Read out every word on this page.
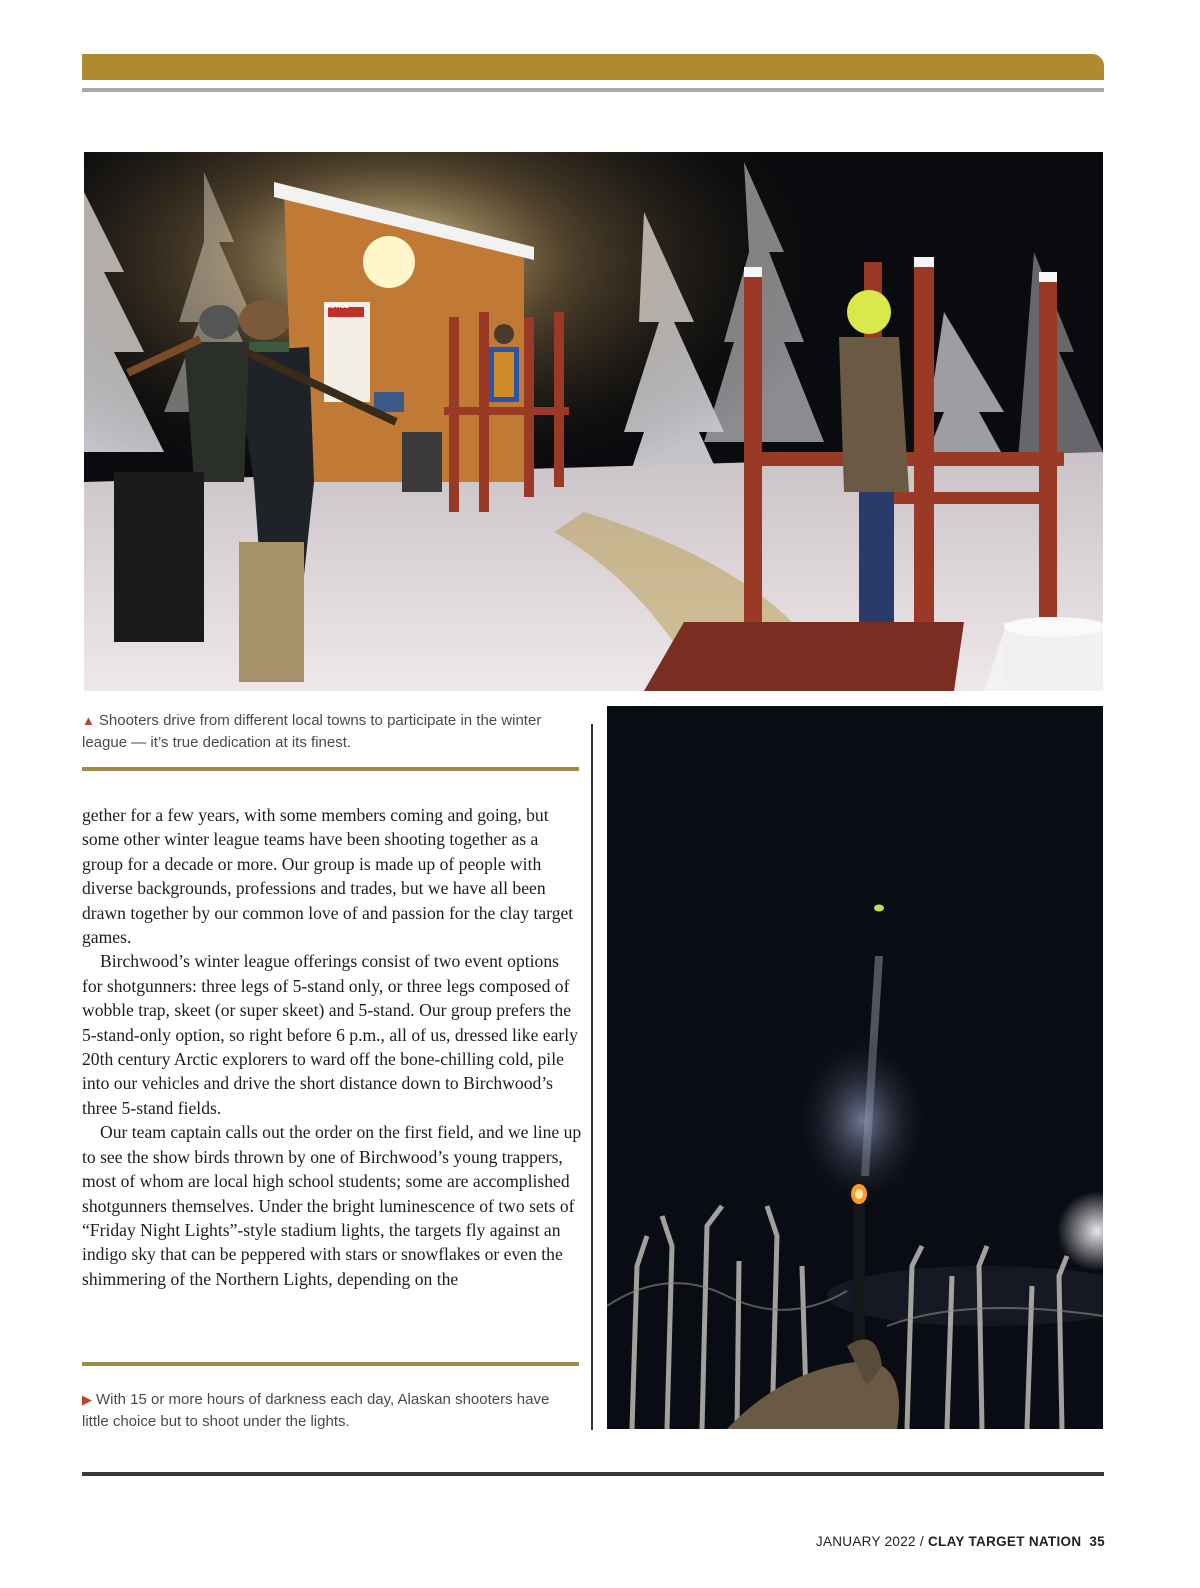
NOTICE
▲ Shooters drive from different local towns to participate in the winter league — it’s true dedication at its finest.

gether for a few years, with some members coming and going, but some other winter league teams have been shooting together as a group for a decade or more. Our group is made up of people with diverse backgrounds, professions and trades, but we have all been drawn together by our common love of and passion for the clay target games.

Birchwood’s winter league offerings consist of two event options for shotgunners: three legs of 5-stand only, or three legs composed of wobble trap, skeet (or super skeet) and 5-stand. Our group prefers the 5-stand-only option, so right before 6 p.m., all of us, dressed like early 20th century Arctic explorers to ward off the bone-chilling cold, pile into our vehicles and drive the short distance down to Birchwood’s three 5-stand fields.

Our team captain calls out the order on the first field, and we line up to see the show birds thrown by one of Birchwood’s young trappers, most of whom are local high school students; some are accomplished shotgunners themselves. Under the bright luminescence of two sets of “Friday Night Lights”-style stadium lights, the targets fly against an indigo sky that can be peppered with stars or snowflakes or even the shimmering of the Northern Lights, depending on the

▶ With 15 or more hours of darkness each day, Alaskan shooters have little choice but to shoot under the lights.
JANUARY 2022 / CLAY TARGET NATION 35
